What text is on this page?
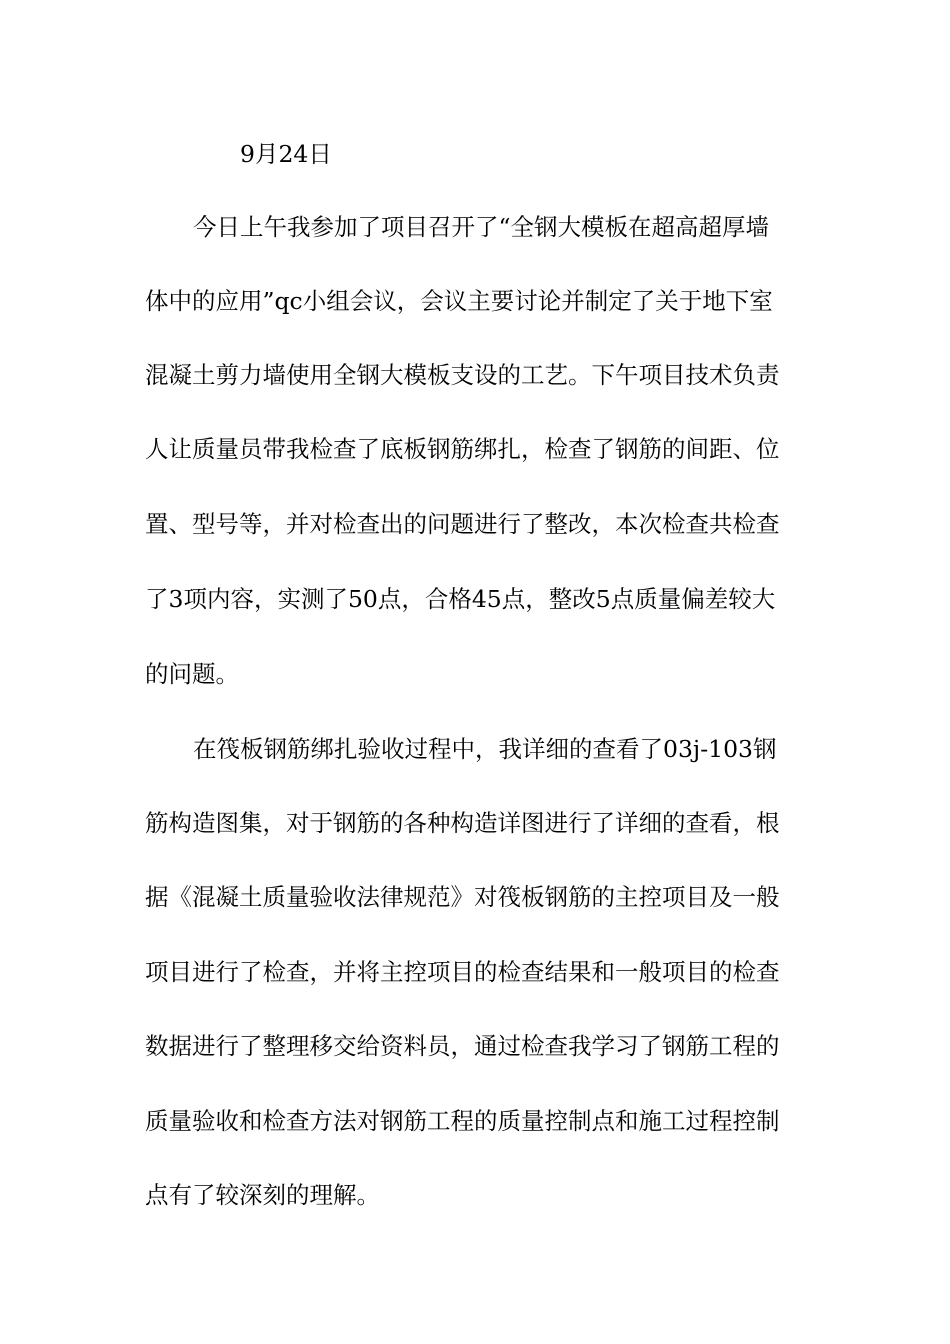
9月24日

今日上午我参加了项目召开了“全钢大模板在超高超厚墙

体中的应用”qc小组会议，会议主要讨论并制定了关于地下室

混凝土剪力墙使用全钢大模板支设的工艺。下午项目技术负责

人让质量员带我检查了底板钢筋绑扎，检查了钢筋的间距、位

置、型号等，并对检查出的问题进行了整改，本次检查共检查

了3项内容，实测了50点，合格45点，整改5点质量偏差较大

的问题。

在筏板钢筋绑扎验收过程中，我详细的查看了03j-103钢

筋构造图集，对于钢筋的各种构造详图进行了详细的查看，根

据《混凝土质量验收法律规范》对筏板钢筋的主控项目及一般

项目进行了检查，并将主控项目的检查结果和一般项目的检查

数据进行了整理移交给资料员，通过检查我学习了钢筋工程的

质量验收和检查方法对钢筋工程的质量控制点和施工过程控制

点有了较深刻的理解。
